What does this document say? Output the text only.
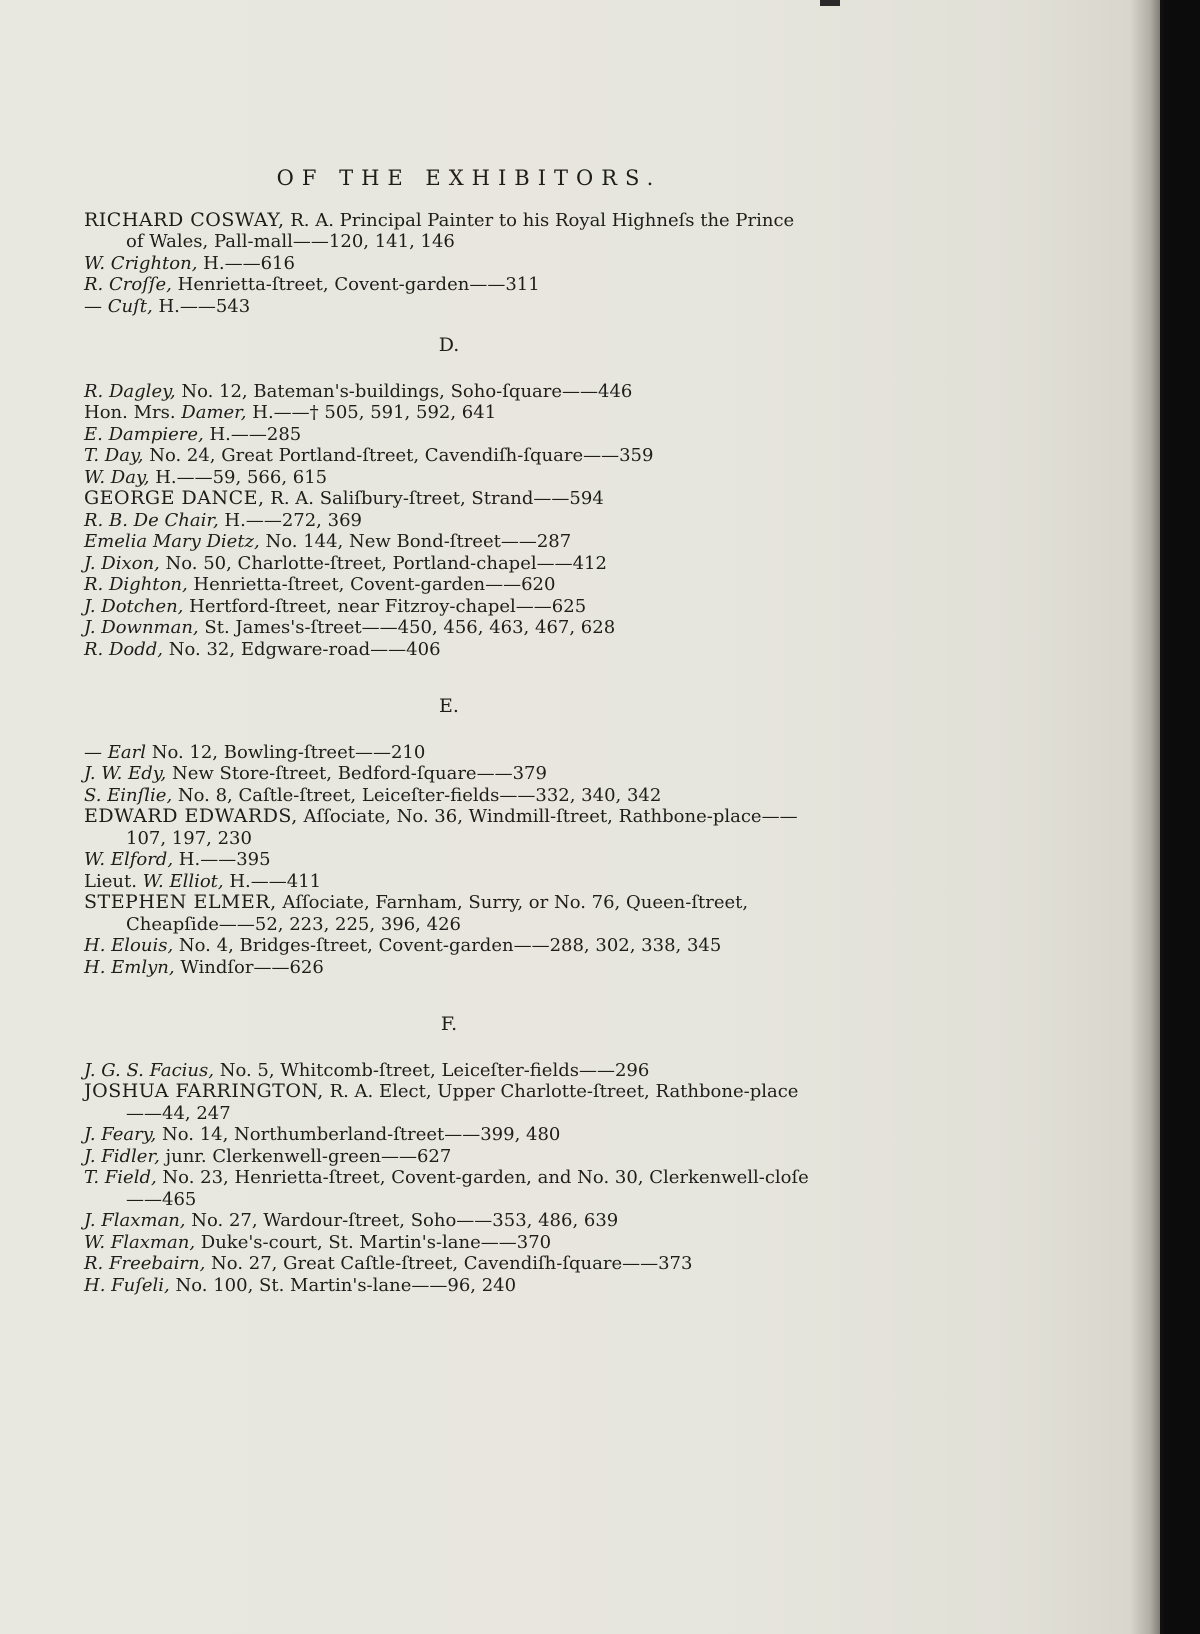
OF THE EXHIBITORS.

RICHARD COSWAY, R. A. Principal Painter to his Royal Highneſs the Prince of Wales, Pall-mall——120, 141, 146

W. Crighton, H.——616

R. Croſſe, Henrietta-ſtreet, Covent-garden——311

— Cuſt, H.——543

D.

R. Dagley, No. 12, Bateman's-buildings, Soho-ſquare——446

Hon. Mrs. Damer, H.——† 505, 591, 592, 641

E. Dampiere, H.——285

T. Day, No. 24, Great Portland-ſtreet, Cavendiſh-ſquare——359

W. Day, H.——59, 566, 615

GEORGE DANCE, R. A. Saliſbury-ſtreet, Strand——594

R. B. De Chair, H.——272, 369

Emelia Mary Dietz, No. 144, New Bond-ſtreet——287

J. Dixon, No. 50, Charlotte-ſtreet, Portland-chapel——412

R. Dighton, Henrietta-ſtreet, Covent-garden——620

J. Dotchen, Hertford-ſtreet, near Fitzroy-chapel——625

J. Downman, St. James's-ſtreet——450, 456, 463, 467, 628

R. Dodd, No. 32, Edgware-road——406

E.

— Earl No. 12, Bowling-ſtreet——210

J. W. Edy, New Store-ſtreet, Bedford-ſquare——379

S. Einſlie, No. 8, Caſtle-ſtreet, Leiceſter-fields——332, 340, 342

EDWARD EDWARDS, Aſſociate, No. 36, Windmill-ſtreet, Rathbone-place——107, 197, 230

W. Elford, H.——395

Lieut. W. Elliot, H.——411

STEPHEN ELMER, Aſſociate, Farnham, Surry, or No. 76, Queen-ſtreet, Cheapſide——52, 223, 225, 396, 426

H. Elouis, No. 4, Bridges-ſtreet, Covent-garden——288, 302, 338, 345

H. Emlyn, Windſor——626

F.

J. G. S. Facius, No. 5, Whitcomb-ſtreet, Leiceſter-fields——296

JOSHUA FARRINGTON, R. A. Elect, Upper Charlotte-ſtreet, Rathbone-place——44, 247

J. Feary, No. 14, Northumberland-ſtreet——399, 480

J. Fidler, junr. Clerkenwell-green——627

T. Field, No. 23, Henrietta-ſtreet, Covent-garden, and No. 30, Clerkenwell-cloſe——465

J. Flaxman, No. 27, Wardour-ſtreet, Soho——353, 486, 639

W. Flaxman, Duke's-court, St. Martin's-lane——370

R. Freebairn, No. 27, Great Caſtle-ſtreet, Cavendiſh-ſquare——373

H. Fuſeli, No. 100, St. Martin's-lane——96, 240
